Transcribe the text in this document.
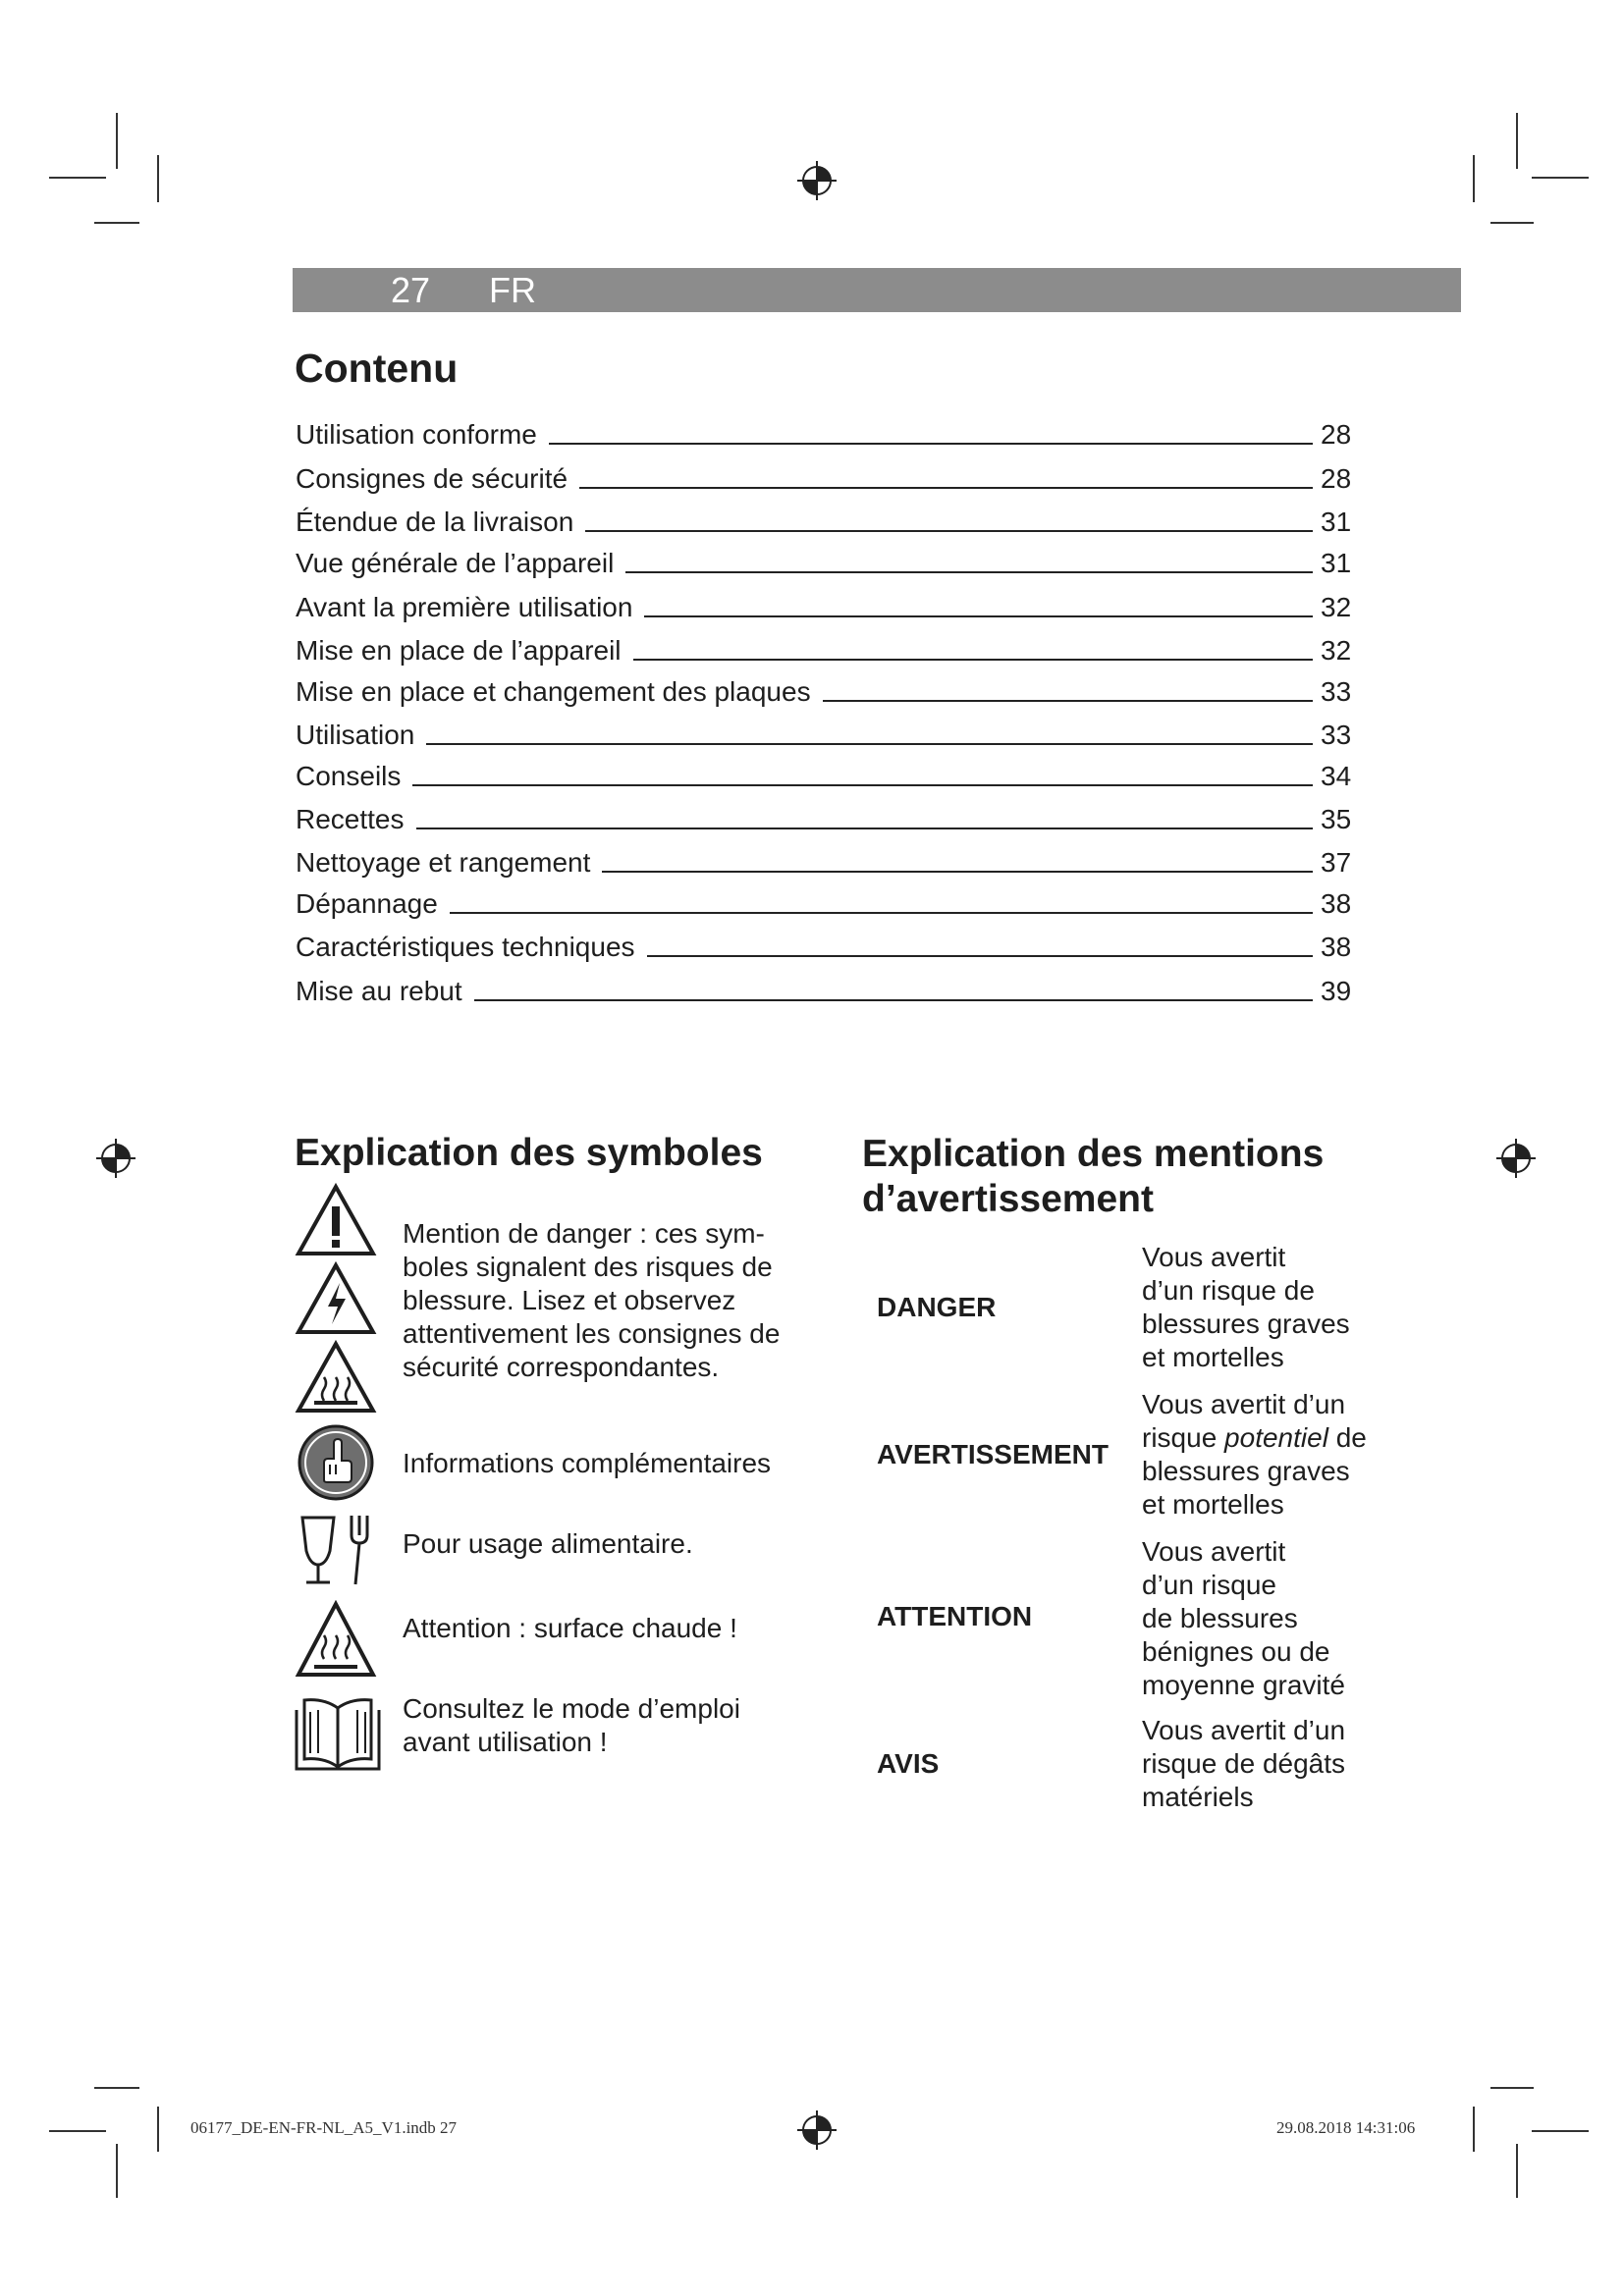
27 FR
Contenu
Utilisation conforme	28
Consignes de sécurité	28
Étendue de la livraison	31
Vue générale de l’appareil	31
Avant la première utilisation	32
Mise en place de l’appareil	32
Mise en place et changement des plaques	33
Utilisation	33
Conseils	34
Recettes	35
Nettoyage et rangement	37
Dépannage	38
Caractéristiques techniques	38
Mise au rebut	39
Explication des symboles
Mention de danger : ces sym-
boles signalent des risques de
blessure. Lisez et observez
attentivement les consignes de
sécurité correspondantes.
Informations complémentaires
Pour usage alimentaire.
Attention : surface chaude !
Consultez le mode d’emploi
avant utilisation !
Explication des mentions
d’avertissement
DANGER
Vous avertit
d’un risque de
blessures graves
et mortelles
AVERTISSEMENT
Vous avertit d’un
risque potentiel de
blessures graves
et mortelles
ATTENTION
Vous avertit
d’un risque
de blessures
bénignes ou de
moyenne gravité
AVIS
Vous avertit d’un
risque de dégâts
matériels
06177_DE-EN-FR-NL_A5_V1.indb 27	29.08.2018 14:31:06
